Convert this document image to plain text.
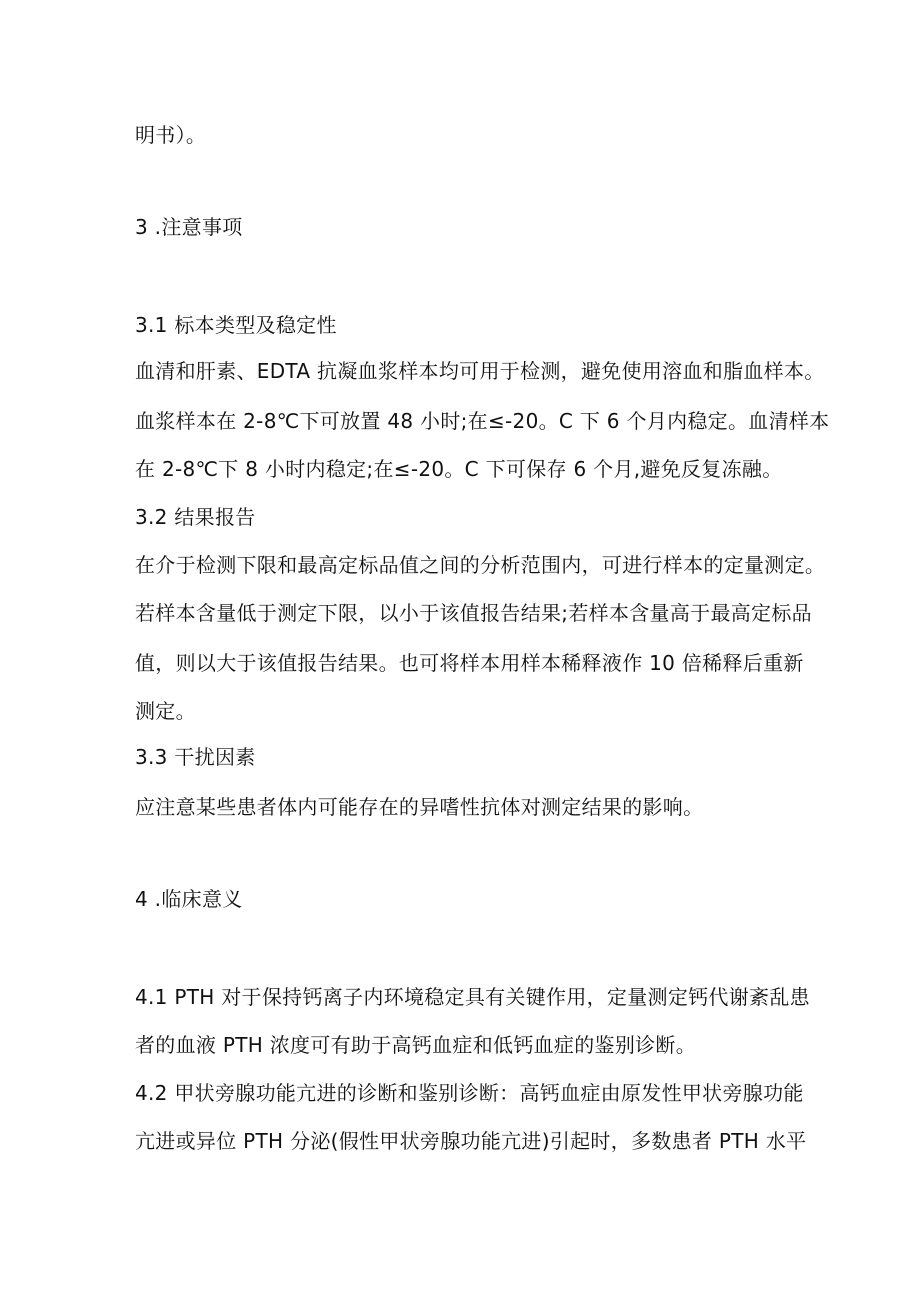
明书）。
3 .注意事项
3.1 标本类型及稳定性
血清和肝素、EDTA 抗凝血浆样本均可用于检测，避免使用溶血和脂血样本。
血浆样本在 2-8℃下可放置 48 小时;在≤-20。C 下 6 个月内稳定。血清样本
在 2-8℃下 8 小时内稳定;在≤-20。C 下可保存 6 个月,避免反复冻融。
3.2 结果报告
在介于检测下限和最高定标品值之间的分析范围内，可进行样本的定量测定。
若样本含量低于测定下限，以小于该值报告结果;若样本含量高于最高定标品
值，则以大于该值报告结果。也可将样本用样本稀释液作 10 倍稀释后重新
测定。
3.3 干扰因素
应注意某些患者体内可能存在的异嗜性抗体对测定结果的影响。
4 .临床意义
4.1 PTH 对于保持钙离子内环境稳定具有关键作用，定量测定钙代谢紊乱患
者的血液 PTH 浓度可有助于高钙血症和低钙血症的鉴别诊断。
4.2 甲状旁腺功能亢进的诊断和鉴别诊断：高钙血症由原发性甲状旁腺功能
亢进或异位 PTH 分泌(假性甲状旁腺功能亢进)引起时，多数患者 PTH 水平
